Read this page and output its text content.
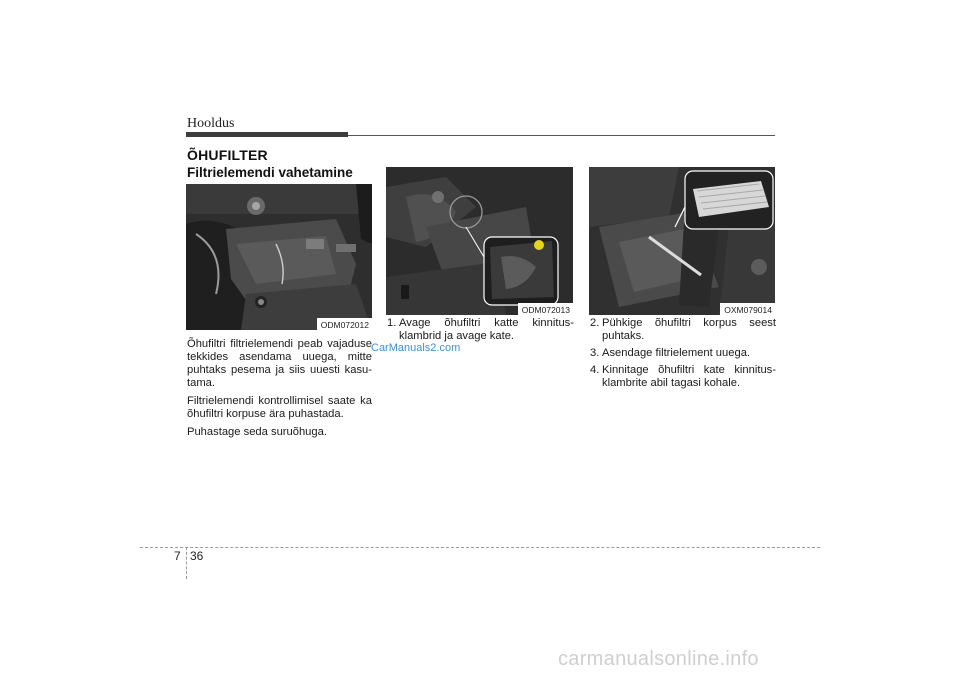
Hooldus
ÕHUFILTER
Filtrielemendi vahetamine
ODM072012
ODM072013	OXM079014

Õhufiltri filtrielemendi peab vajaduse tekkides asendama uuega, mitte puhtaks pesema ja siis uuesti kasu-tama.

Filtrielemendi kontrollimisel saate ka õhufiltri korpuse ära puhastada.

Puhastage seda suruõhuga.

1. Avage õhufiltri katte kinnitus-klambrid ja avage kate.
2. Pühkige õhufiltri korpus seest puhtaks.
3. Asendage filtrielement uuega.
4. Kinnitage õhufiltri kate kinnitus-klambrite abil tagasi kohale.
CarManuals2.com
7 36
carmanualsonline.info
